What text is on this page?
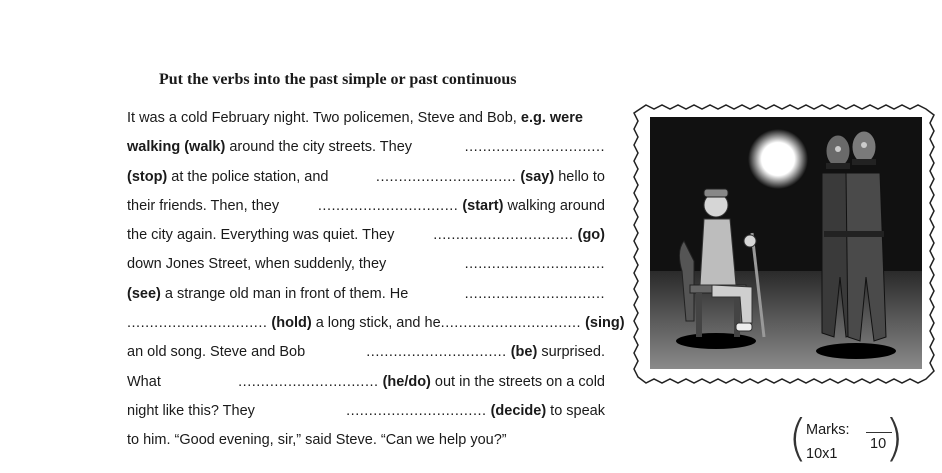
Put the verbs into the past simple or past continuous
It was a cold February night. Two policemen, Steve and Bob, e.g. were
walking (walk) around the city streets. They	...............................
(stop) at the police station, and	............................... (say) hello to
their friends. Then, they	............................... (start) walking around
the city again. Everything was quiet. They	............................... (go)
down Jones Street, when suddenly, they	...............................
(see) a strange old man in front of them. He	...............................
............................... (hold) a long stick, and he ............................... (sing)
an old song. Steve and Bob	............................... (be) surprised.
What	............................... (he/do) out in the streets on a cold
night like this? They	............................... (decide) to speak
to him. “Good evening, sir,” said Steve. “Can we help you?”	(
Marks:
10x1
10
)
